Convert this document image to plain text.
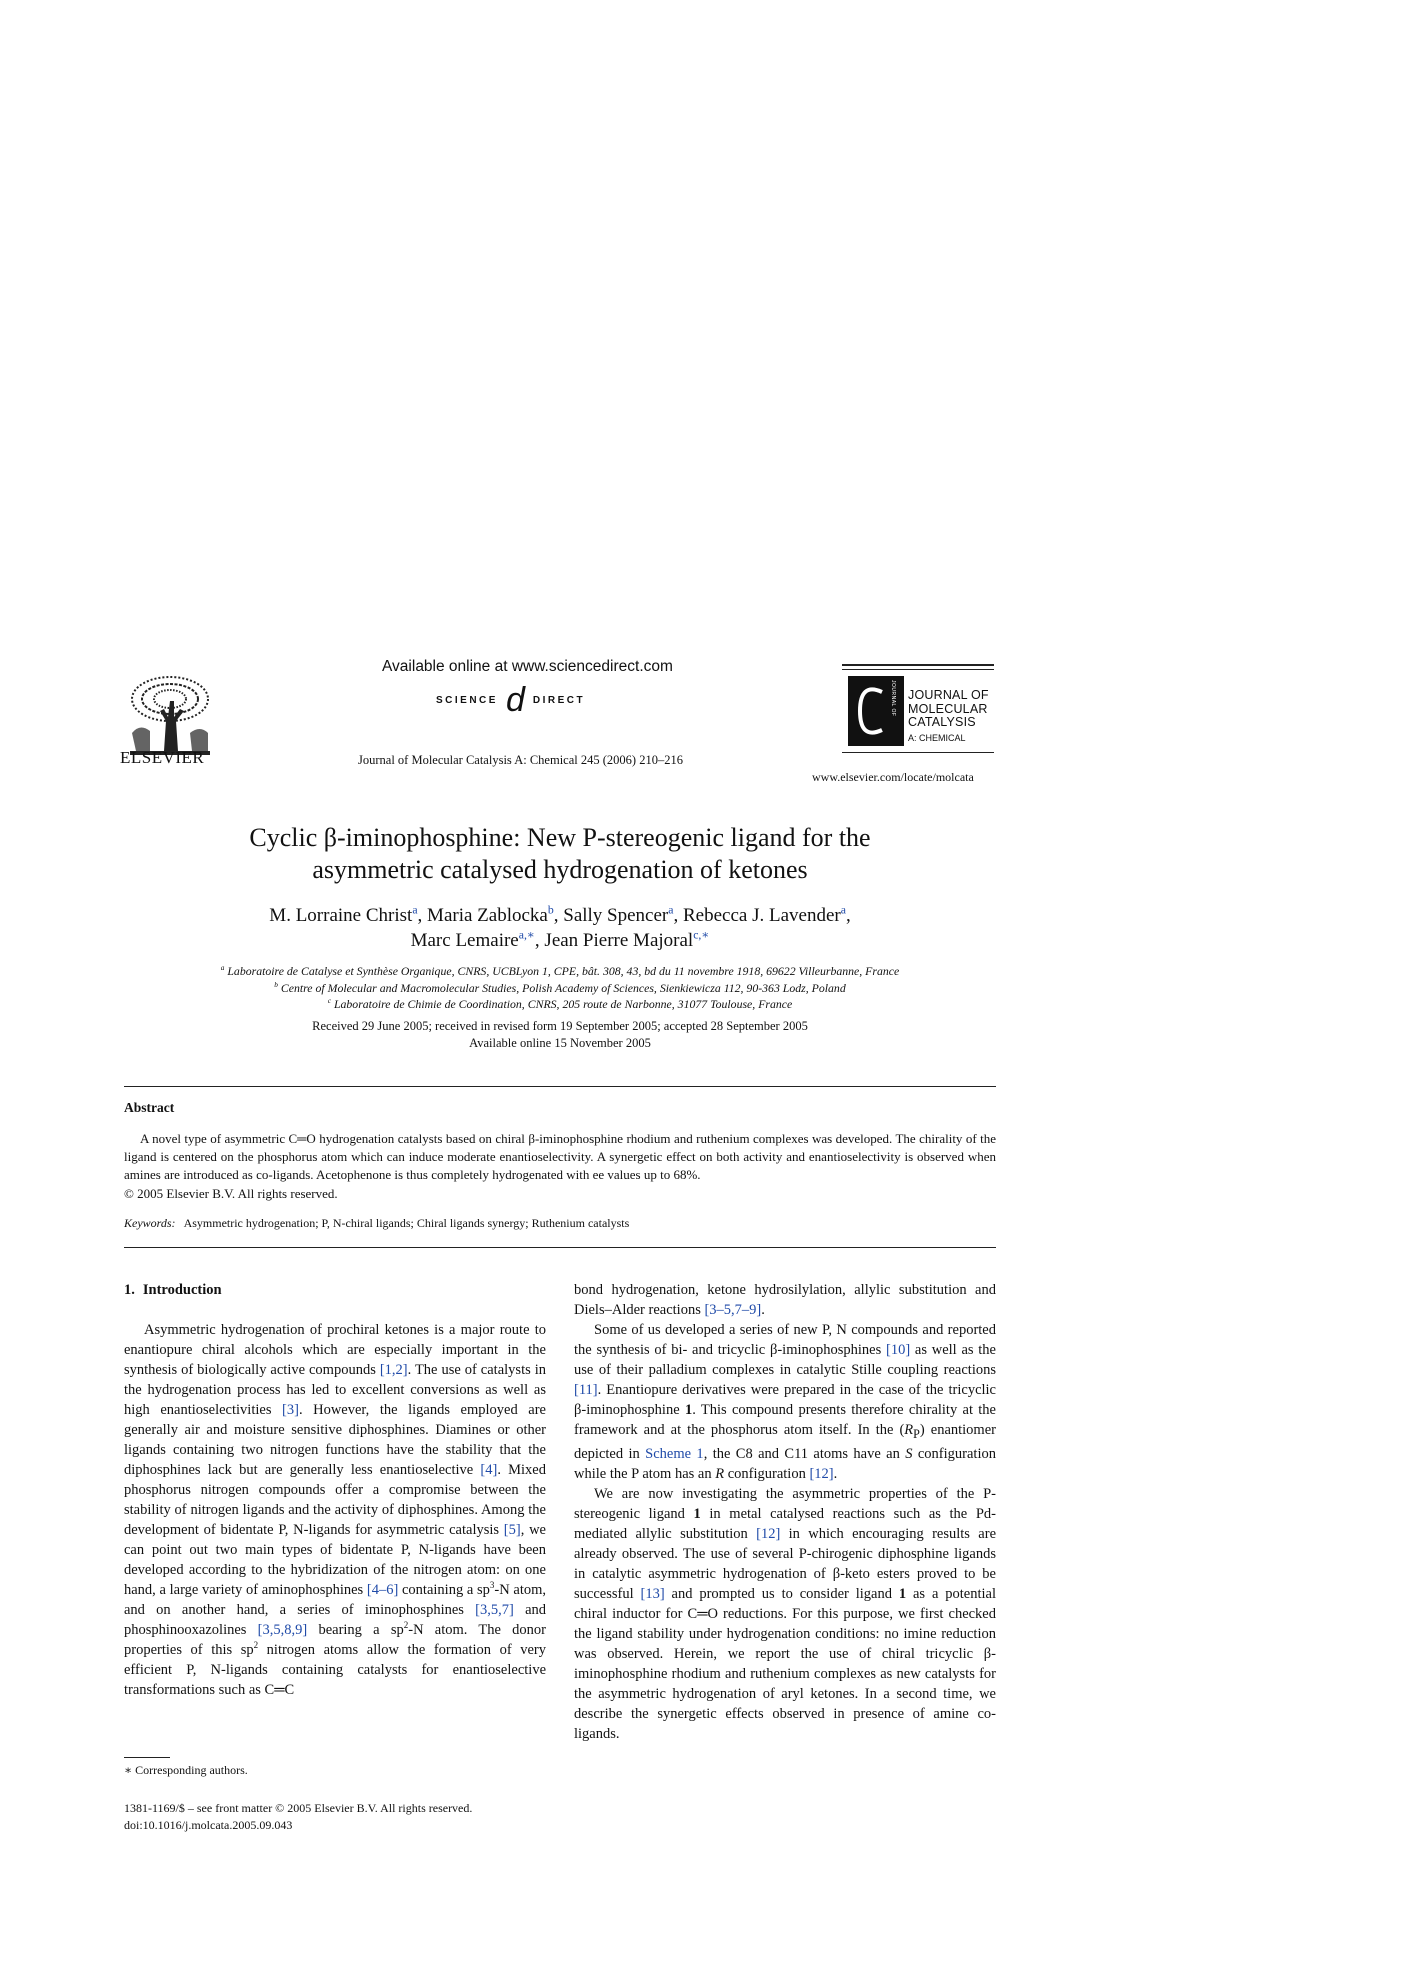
ELSEVIER
Available online at www.sciencedirect.com
SCIENCE d DIRECT
Journal of Molecular Catalysis A: Chemical 245 (2006) 210–216
JOURNAL OF JOURNAL OF
MOLECULAR
CATALYSIS
A: CHEMICAL
www.elsevier.com/locate/molcata
Cyclic β-iminophosphine: New P-stereogenic ligand for the
asymmetric catalysed hydrogenation of ketones
M. Lorraine Christ$^a$, Maria Zablocka$^b$, Sally Spencer$^a$, Rebecca J. Lavender$^a$,
Marc Lemaire$^{a,∗}$, Jean Pierre Majoral$^{c,∗}$
$^a$ Laboratoire de Catalyse et Synthèse Organique, CNRS, UCBLyon 1, CPE, bât. 308, 43, bd du 11 novembre 1918, 69622 Villeurbanne, France
$^b$ Centre of Molecular and Macromolecular Studies, Polish Academy of Sciences, Sienkiewicza 112, 90-363 Lodz, Poland
$^c$ Laboratoire de Chimie de Coordination, CNRS, 205 route de Narbonne, 31077 Toulouse, France
Received 29 June 2005; received in revised form 19 September 2005; accepted 28 September 2005
Available online 15 November 2005
Abstract
A novel type of asymmetric C═O hydrogenation catalysts based on chiral β-iminophosphine rhodium and ruthenium complexes was developed. The chirality of the ligand is centered on the phosphorus atom which can induce moderate enantioselectivity. A synergetic effect on both activity and enantioselectivity is observed when amines are introduced as co-ligands. Acetophenone is thus completely hydrogenated with ee values up to 68%.
© 2005 Elsevier B.V. All rights reserved.
Keywords: Asymmetric hydrogenation; P, N-chiral ligands; Chiral ligands synergy; Ruthenium catalysts
1. Introduction

Asymmetric hydrogenation of prochiral ketones is a major route to enantiopure chiral alcohols which are especially important in the synthesis of biologically active compounds [1,2]. The use of catalysts in the hydrogenation process has led to excellent conversions as well as high enantioselectivities [3]. However, the ligands employed are generally air and moisture sensitive diphosphines. Diamines or other ligands containing two nitrogen functions have the stability that the diphosphines lack but are generally less enantioselective [4]. Mixed phosphorus nitrogen compounds offer a compromise between the stability of nitrogen ligands and the activity of diphosphines. Among the development of bidentate P, N-ligands for asymmetric catalysis [5], we can point out two main types of bidentate P, N-ligands have been developed according to the hybridization of the nitrogen atom: on one hand, a large variety of aminophosphines [4–6] containing a $sp^3-N$ atom, and on another hand, a series of iminophosphines [3,5,7] and phosphinooxazolines [3,5,8,9] bearing a $sp^2-N$ atom. The donor properties of this $sp^2$ nitrogen atoms allow the formation of very efficient P, N-ligands containing catalysts for enantioselective transformations such as C═C

bond hydrogenation, ketone hydrosilylation, allylic substitution and Diels–Alder reactions [3–5,7–9].

Some of us developed a series of new P, N compounds and reported the synthesis of bi- and tricyclic β-iminophosphines [10] as well as the use of their palladium complexes in catalytic Stille coupling reactions [11]. Enantiopure derivatives were prepared in the case of the tricyclic β-iminophosphine 1. This compound presents therefore chirality at the framework and at the phosphorus atom itself. In the $(R_P)$ enantiomer depicted in Scheme 1, the C8 and C11 atoms have an S configuration while the P atom has an R configuration [12].

We are now investigating the asymmetric properties of the P-stereogenic ligand 1 in metal catalysed reactions such as the Pd-mediated allylic substitution [12] in which encouraging results are already observed. The use of several P-chirogenic diphosphine ligands in catalytic asymmetric hydrogenation of β-keto esters proved to be successful [13] and prompted us to consider ligand 1 as a potential chiral inductor for C═O reductions. For this purpose, we first checked the ligand stability under hydrogenation conditions: no imine reduction was observed. Herein, we report the use of chiral tricyclic β-iminophosphine rhodium and ruthenium complexes as new catalysts for the asymmetric hydrogenation of aryl ketones. In a second time, we describe the synergetic effects observed in presence of amine co-ligands.

∗ Corresponding authors.
1381-1169/$ – see front matter © 2005 Elsevier B.V. All rights reserved.
doi:10.1016/j.molcata.2005.09.043
